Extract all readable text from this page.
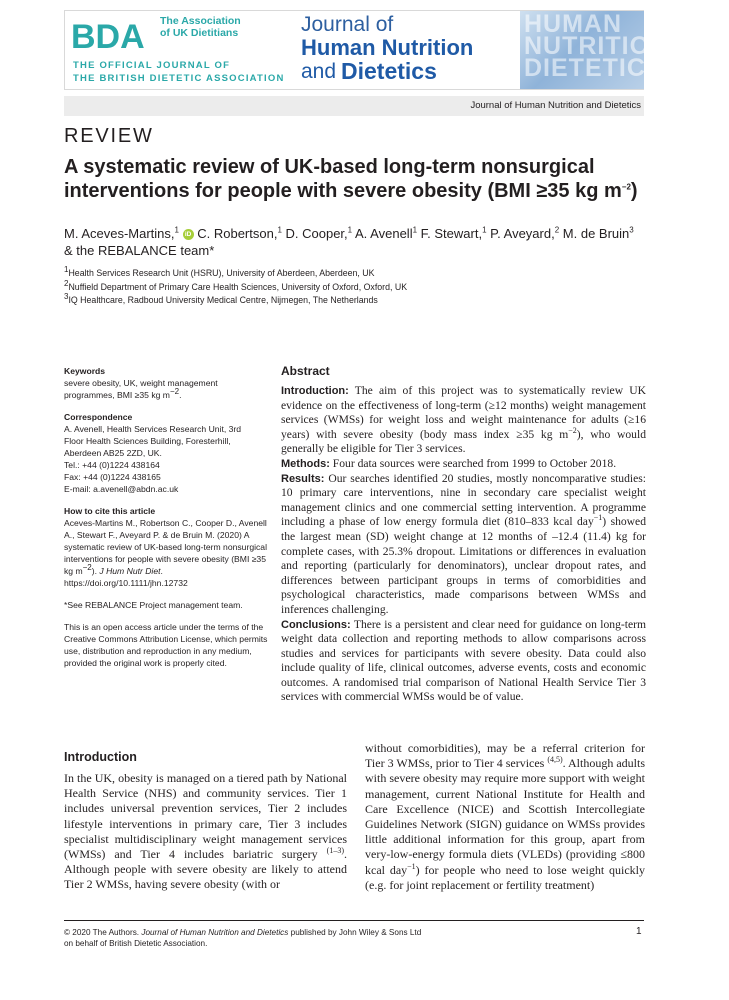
BDA The Association
of UK Dietitians
THE OFFICIAL JOURNAL OF
THE BRITISH DIETETIC ASSOCIATION
Journal of
Human Nutrition
and Dietetics
HUMAN
NUTRITION
DIETETICS
Journal of Human Nutrition and Dietetics
REVIEW
A systematic review of UK-based long-term nonsurgical interventions for people with severe obesity (BMI ≥35 kg $m^{-2}$)
M. Aceves-Martins,$^1$ iD C. Robertson,$^1$ D. Cooper,$^1$ A. Avenell$^1$ F. Stewart,$^1$ P. Aveyard,$^2$ M. de Bruin$^3$
& the REBALANCE team*
1Health Services Research Unit (HSRU), University of Aberdeen, Aberdeen, UK
2Nuffield Department of Primary Care Health Sciences, University of Oxford, Oxford, UK
3IQ Healthcare, Radboud University Medical Centre, Nijmegen, The Netherlands

Keywords

severe obesity, UK, weight management programmes, BMI ≥35 kg m−2.

Correspondence

A. Avenell, Health Services Research Unit, 3rd

Floor Health Sciences Building, Foresterhill,

Aberdeen AB25 2ZD, UK.

Tel.: +44 (0)1224 438164

Fax: +44 (0)1224 438165

E-mail: a.avenell@abdn.ac.uk

How to cite this article

Aceves-Martins M., Robertson C., Cooper D., Avenell A., Stewart F., Aveyard P. & de Bruin M. (2020) A systematic review of UK-based long-term nonsurgical interventions for people with severe obesity (BMI ≥35 kg m−2). J Hum Nutr Diet. https://doi.org/10.1111/jhn.12732

*See REBALANCE Project management team.

This is an open access article under the terms of the Creative Commons Attribution License, which permits use, distribution and reproduction in any medium, provided the original work is properly cited.

Abstract

Introduction: The aim of this project was to systematically review UK evidence on the effectiveness of long-term (≥12 months) weight management services (WMSs) for weight loss and weight maintenance for adults (≥16 years) with severe obesity (body mass index ≥35 kg $m^{-2}$), who would generally be eligible for Tier 3 services.

Methods: Four data sources were searched from 1999 to October 2018.

Results: Our searches identified 20 studies, mostly noncomparative studies: 10 primary care interventions, nine in secondary care specialist weight management clinics and one commercial setting intervention. A programme including a phase of low energy formula diet (810–833 kcal day$^{-1}$) showed the largest mean (SD) weight change at 12 months of –12.4 (11.4) kg for complete cases, with 25.3% dropout. Limitations or differences in evaluation and reporting (particularly for denominators), unclear dropout rates, and differences between participant groups in terms of comorbidities and psychological characteristics, made comparisons between WMSs and inferences challenging.

Conclusions: There is a persistent and clear need for guidance on long-term weight data collection and reporting methods to allow comparisons across studies and services for participants with severe obesity. Data could also include quality of life, clinical outcomes, adverse events, costs and economic outcomes. A randomised trial comparison of National Health Service Tier 3 services with commercial WMSs would be of value.

Introduction

In the UK, obesity is managed on a tiered path by National Health Service (NHS) and community services. Tier 1 includes universal prevention services, Tier 2 includes lifestyle interventions in primary care, Tier 3 includes specialist multidisciplinary weight management services (WMSs) and Tier 4 includes bariatric surgery $^{(1-3)}$. Although people with severe obesity are likely to attend Tier 2 WMSs, having severe obesity (with or

without comorbidities), may be a referral criterion for Tier 3 WMSs, prior to Tier 4 services $^{(4,5)}$. Although adults with severe obesity may require more support with weight management, current National Institute for Health and Care Excellence (NICE) and Scottish Intercollegiate Guidelines Network (SIGN) guidance on WMSs provides little additional information for this group, apart from very-low-energy formula diets (VLEDs) (providing ≤800 kcal day$^{-1}$) for people who need to lose weight quickly (e.g. for joint replacement or fertility treatment)

© 2020 The Authors. Journal of Human Nutrition and Dietetics published by John Wiley & Sons Ltd
on behalf of British Dietetic Association.
1
